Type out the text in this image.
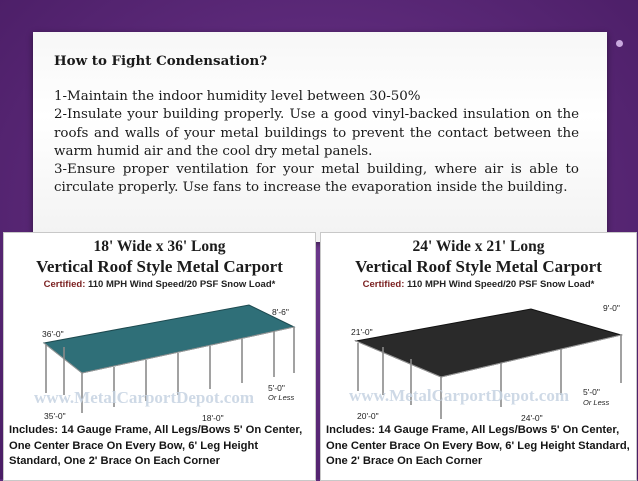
How to Fight Condensation?

1-Maintain the indoor humidity level between 30-50%

2-Insulate your building properly. Use a good vinyl-backed insulation on the roofs and walls of your metal buildings to prevent the contact between the warm humid air and the cool dry metal panels.

3-Ensure proper ventilation for your metal building, where air is able to circulate properly. Use fans to increase the evaporation inside the building.

18' Wide x 36' Long
Vertical Roof Style Metal Carport
Certified: 110 MPH Wind Speed/20 PSF Snow Load*
www.MetalCarportDepot.com
36'-0"
8'-6"
35'-0"	18'-0"
5'-0"
Or Less
Includes: 14 Gauge Frame, All Legs/Bows 5' On Center, One Center Brace On Every Bow, 6' Leg Height Standard, One 2' Brace On Each Corner
24' Wide x 21' Long
Vertical Roof Style Metal Carport
Certified: 110 MPH Wind Speed/20 PSF Snow Load*
www.MetalCarportDepot.com
21'-0"
9'-0"
20'-0"	24'-0"
5'-0"
Or Less
Includes: 14 Gauge Frame, All Legs/Bows 5' On Center, One Center Brace On Every Bow, 6' Leg Height Standard, One 2' Brace On Each Corner
